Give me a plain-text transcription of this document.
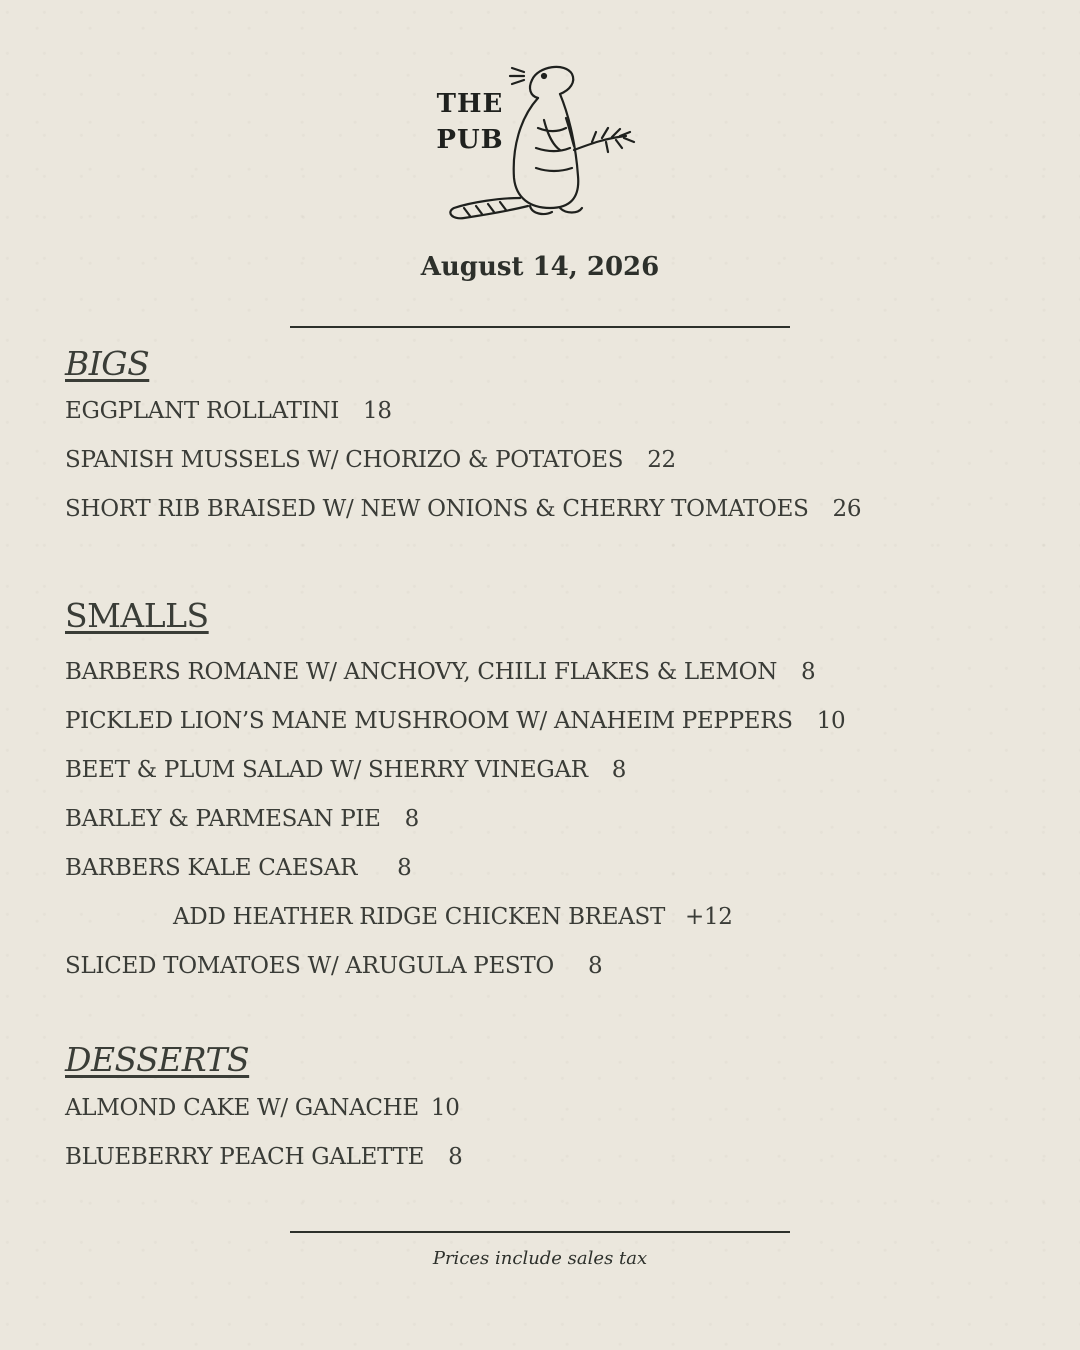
THE
PUB
August 14, 2026
BIGS
EGGPLANT ROLLATINI 18
SPANISH MUSSELS W/ CHORIZO & POTATOES 22
SHORT RIB BRAISED W/ NEW ONIONS & CHERRY TOMATOES 26
SMALLS
BARBERS ROMANE W/ ANCHOVY, CHILI FLAKES & LEMON 8
PICKLED LION’S MANE MUSHROOM W/ ANAHEIM PEPPERS 10
BEET & PLUM SALAD W/ SHERRY VINEGAR 8
BARLEY & PARMESAN PIE 8
BARBERS KALE CAESAR 8
ADD HEATHER RIDGE CHICKEN BREAST +12
SLICED TOMATOES W/ ARUGULA PESTO 8
DESSERTS
ALMOND CAKE W/ GANACHE 10
BLUEBERRY PEACH GALETTE 8
Prices include sales tax
